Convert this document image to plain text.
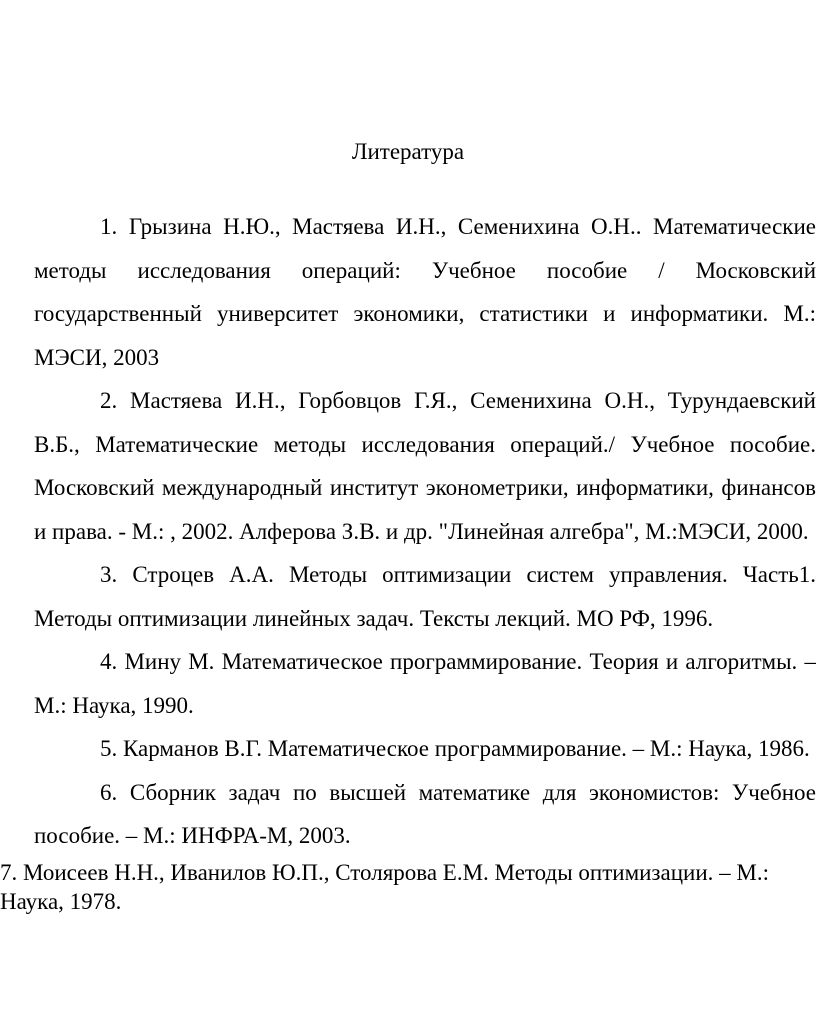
Литература

1. Грызина Н.Ю., Мастяева И.Н., Семенихина О.Н.. Математические методы исследования операций: Учебное пособие / Московский государственный университет экономики, статистики и информатики. М.: МЭСИ, 2003

2. Мастяева И.Н., Горбовцов Г.Я., Семенихина О.Н., Турундаевский В.Б., Математические методы исследования операций./ Учебное пособие. Московский международный институт эконометрики, информатики, финансов и права. - М.: , 2002. Алферова З.В. и др. "Линейная алгебра", М.:МЭСИ, 2000.

3. Строцев А.А. Методы оптимизации систем управления. Часть1. Методы оптимизации линейных задач. Тексты лекций. МО РФ, 1996.

4. Мину М. Математическое программирование. Теория и алгоритмы. – М.: Наука, 1990.

5. Карманов В.Г. Математическое программирование. – М.: Наука, 1986.

6. Сборник задач по высшей математике для экономистов: Учебное пособие. – М.: ИНФРА-М, 2003.

7. Моисеев Н.Н., Иванилов Ю.П., Столярова Е.М. Методы оптимизации. – М.: Наука, 1978.
